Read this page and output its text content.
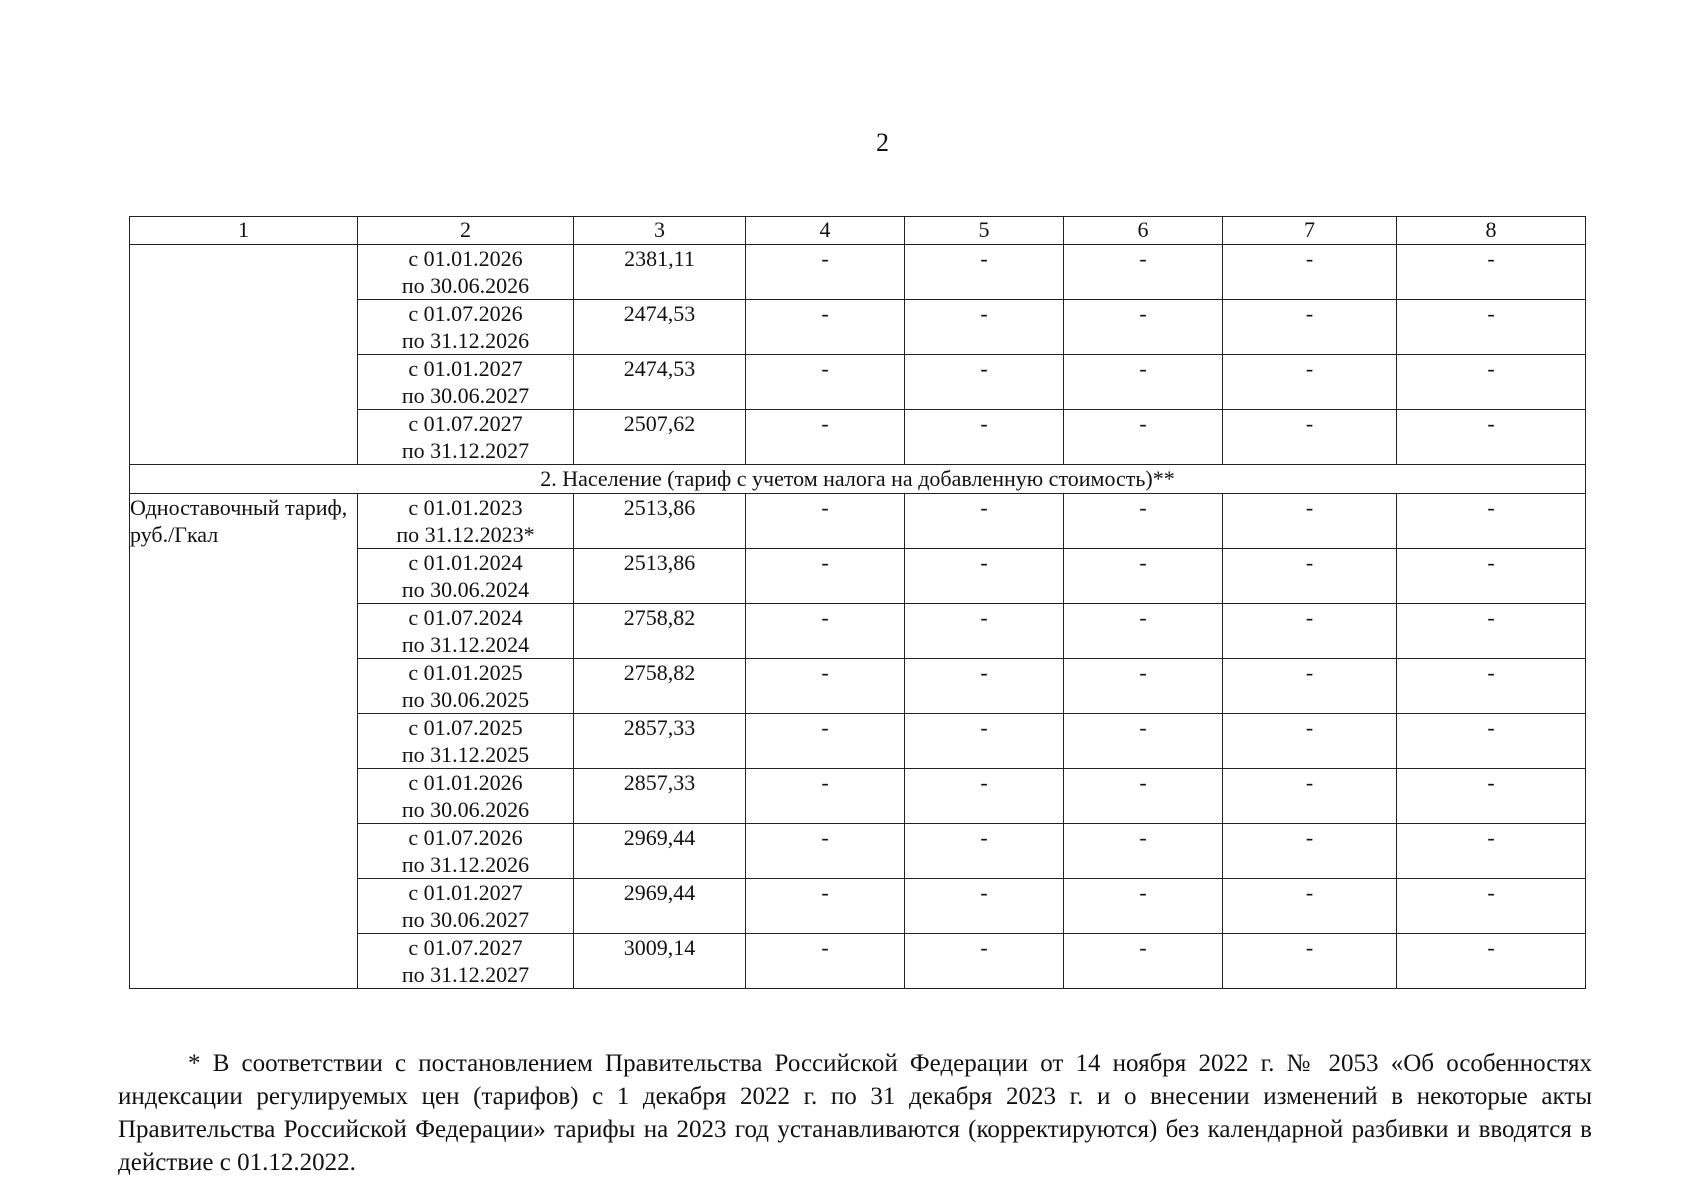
2
1	2	3	4	5	6	7	8

	с 01.01.2026
по 30.06.2026	2381,11	-	-	-	-	-

	с 01.07.2026
по 31.12.2026	2474,53	-	-	-	-	-

	с 01.01.2027
по 30.06.2027	2474,53	-	-	-	-	-

	с 01.07.2027
по 31.12.2027	2507,62	-	-	-	-	-
2. Население (тариф с учетом налога на добавленную стоимость)**							
Одноставочный тариф, руб./Гкал	с 01.01.2023
по 31.12.2023*	2513,86	-	-	-	-	-

	с 01.01.2024
по 30.06.2024	2513,86	-	-	-	-	-

	с 01.07.2024
по 31.12.2024	2758,82	-	-	-	-	-

	с 01.01.2025
по 30.06.2025	2758,82	-	-	-	-	-

	с 01.07.2025
по 31.12.2025	2857,33	-	-	-	-	-

	с 01.01.2026
по 30.06.2026	2857,33	-	-	-	-	-

	с 01.07.2026
по 31.12.2026	2969,44	-	-	-	-	-

	с 01.01.2027
по 30.06.2027	2969,44	-	-	-	-	-

	с 01.07.2027
по 31.12.2027	3009,14	-	-	-	-	-

* В соответствии с постановлением Правительства Российской Федерации от 14 ноября 2022 г. № 2053 «Об особенностях индексации регулируемых цен (тарифов) с 1 декабря 2022 г. по 31 декабря 2023 г. и о внесении изменений в некоторые акты Правительства Российской Федерации» тарифы на 2023 год устанавливаются (корректируются) без календарной разбивки и вводятся в действие с 01.12.2022.
